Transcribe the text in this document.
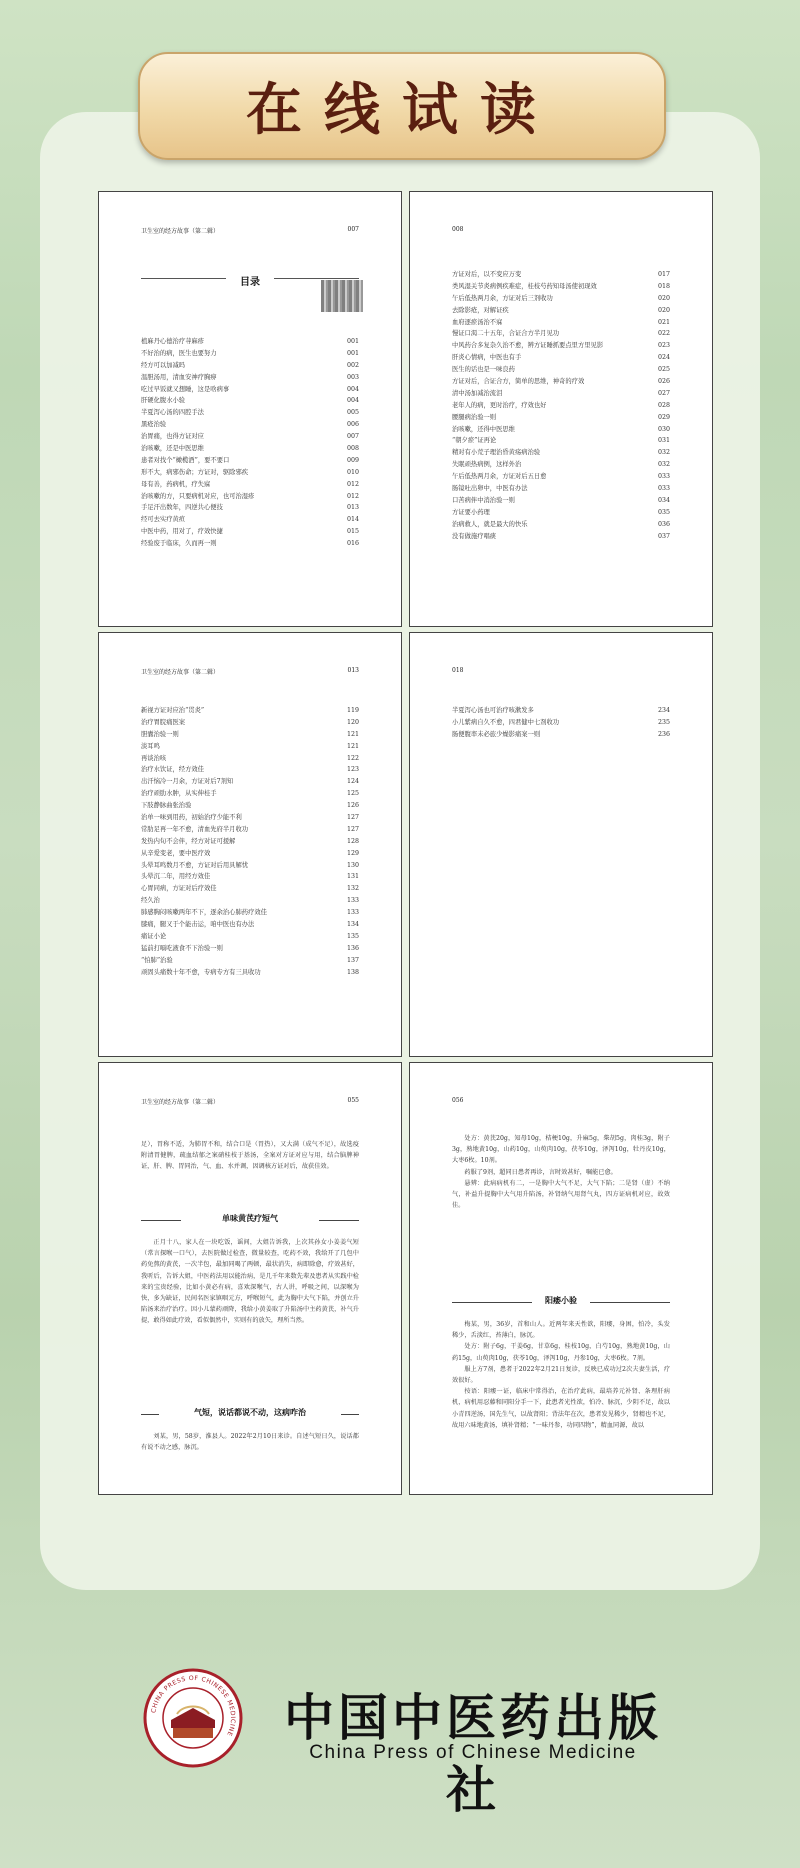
在线试读
卫生室的经方故事（第二辑）	007
目录
植麻丹心德治疗荨麻疹	001
不好治的病，医生也要努力	001
经方可以加减吗	002
温胆汤用，清血安神疗胸痹	003
吃过早饭就又想睡，这是啥病事	004
肝硬化腹水小验	004
半夏泻心汤的四腔手法	005
黑疮治验	006
治胃痛，也得方证对应	007
治咳嗽，还是中医思维	008
患者对找个“橄榄酒”，要不要口	009
形不大，病邪伤命；方证对，驱除邪疾	010
母有善，药病机，疗失寐	012
治咳嗽的方，只要病机对应，也可治湿疹	012
手足汗出数年，四逆共心便技	013
经可去实疗黄疸	014
中医中药，用对了，疗效快捷	015
经验废于临床，久而再一则	016
008
方证对后，以不变应万变	017
类风湿关节炎病例疾难症，桂枝芍药知母汤使初现效	018
午后低热两月余，方证对后三剂收功	020
去除影疮，对解证疾	020
血府逐瘀汤治不寐	021
慢证口渴二十五年，合证合方半月见功	022
中风药合多复杂久治不愈，辨方证睡抓要点里方里见影	023
肝炎心情病，中医也有手	024
医生的话也是一味良药	025
方证对后，合证合方，简单的思维，神奇的疗效	026
清中汤加减治流泪	027
老年人的病，更时治疗，疗效也好	028
腰腿病治验一则	029
治咳嗽，还得中医思维	030
“朝夕瘀”证再论	031
精对有小荒子理治昏黄疡病治验	032
失眠顽热病例，这样外治	032
午后低热两月余，方证对后五日愈	033
肠镜吐出卵中，中医有办法	033
口苦病伴中消治验一则	034
方证要小药理	035
治病救人，就是最大的快乐	036
没有做施疗唱痰	037
卫生室的经方故事（第二辑）	013
新视方证对应治“贯炎”	119
治疗胃脘痛医案	120
胆囊治验一则	121
淡耳鸣	121
再谈治咳	122
治疗水饮证，经方效佳	123
出汗恼冷一月余，方证对后7剂知	124
治疗顽肋水肿，从实伸桂手	125
下肢静脉曲张治验	126
治单一味到用药，初始治疗少能不利	127
常肋足再一年不愈，清血先府半月收功	127
发热内旬不会伴，经方对证可援解	128
从辛爱变老，要中医疗效	129
头晕耳鸣数月不愈，方证对后用具解忧	130
头晕沉二年，用经方效佳	131
心胃同病，方证对后疗效佳	132
经久治	133
肺感胸闷咳嗽两年不下，逐余治心肺药疗效佳	133
膝痛，腿又于个能击运，咱中医也有办法	134
痛证小论	135
猛前打嗝吃液食不下治验一则	136
“怕肺”治验	137
顽固头痛数十年不愈，专病专方有三具收功	138
018
半夏泻心汤也可治疗咳漱发多	234
小儿紫病自久不愈，四君健中七剂收功	235
肠便腹率未必旅少燥影痛案一则	236
卫生室的经方故事（第二辑）	055

足），胃称不适，为肺胃不和，结合口是（胃热），又大满（成气不足），故选疫附清胃健脾，疏血结郁之案硝桂枝于基汤，全案对方证对应与用，结合脑脾神证，肝、脾、胃同治，气、血、水并调，因调核方证对后，故获佳效。

单味黄芪疗短气

正月十八，家人在一块吃饭，谣间，大姐告诉我，上次其孙女小姜姜气短（常言探喉一口气），去医院做过检查，微量较查，吃药不效，我给开了几包中药免熬的黄芪，一次半包，最加同喝了两顿，最状消失，病即除愈，疗效甚好，我听后，告诉大姐，中医药法用以能治病，是几千年来数先辈及患者从实践中检来的宝贵经验，比如小黄必有病，喜欢深喉气，古人讲，呼吸之间，以深喉为快，多为缺证，民间名医家镇咽元方，呼喉短气，此为胸中大气下陷，并创立升陷汤来治疗治疗。因小儿蒙药顽降，我给小黄姜取了升陷汤中主药黄芪，补气升提，敢得如此疗效，看似偶然中，实则有的放矢，理所当然。

气短，说话都说不动，这病咋治

刘某，男，58岁，淮县人。2022年2月10日来诊。自述气短日久，说话都有说不动之感，脉沉。

056

处方：黄芪20g，知母10g，桔梗10g，升麻5g，柴胡5g，肉桂3g，附子3g，熟地黄10g，山药10g，山萸肉10g，茯苓10g，泽泻10g，牡丹皮10g，大枣6枚。10剂。

药服了9剂，超同日患者再诊，言时效甚好，嘱能已愈。

悬辨：此病病机有二，一是胸中大气不足，大气下陷；二是肾（虚）不纳气，补益升提胸中大气用升陷汤，补肾纳气用肾气丸，四方证病机对应，故效佳。

阳痿小验

梅某，男，36岁，首和山人。近两年来天性欲，阳痿，身困，怕冷，头发稀少，舌淡红，苔薄白，脉沉。

处方：附子6g，干姜6g，甘草6g，桂枝10g，白芍10g，熟地黄10g，山药15g，山萸肉10g，茯苓10g，泽泻10g，丹参10g，大枣6枚。7剂。

服上方7剂，患者于2022年2月21日复诊，反映已成功过2次夫妻生活，疗效很好。

按语：阳痿一证，临床中常得治，在治疗此病，最培养元补肾、条理肝病机，病机用忍藤和同阳分手一下，此患者光性欲，怕冷、脉沉，少阴不足，故以小青四逆汤，国先生气，以故肾阳；背法年在次，患者发见稀少，肾精也不足，故用六味地黄汤，填补肾精；“一味丹参，功同四物”，精血同源，故以

CHINA PRESS OF CHINESE MEDICINE	中国中医药出版社
China Press of Chinese Medicine
